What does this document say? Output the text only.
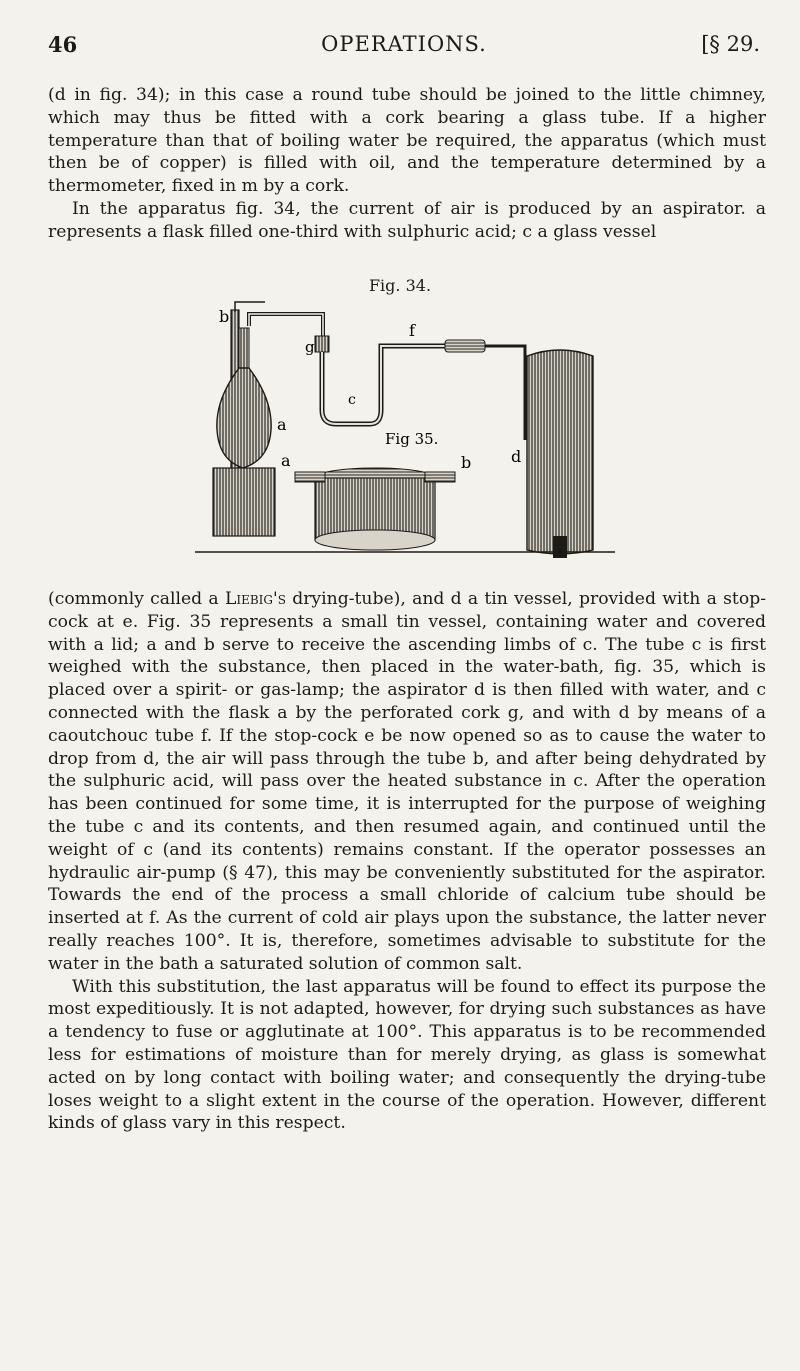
46	OPERATIONS.	[§ 29.

(d in fig. 34); in this case a round tube should be joined to the little chimney, which may thus be fitted with a cork bearing a glass tube. If a higher temperature than that of boiling water be required, the apparatus (which must then be of copper) is filled with oil, and the temperature determined by a thermometer, fixed in m by a cork.

In the apparatus fig. 34, the current of air is produced by an aspirator. a represents a flask filled one-third with sulphuric acid; c a glass vessel

Fig. 34.
b
g
f
c
a
Fig 35.
a	b d

(commonly called a Liebig's drying-tube), and d a tin vessel, provided with a stop-cock at e. Fig. 35 represents a small tin vessel, containing water and covered with a lid; a and b serve to receive the ascending limbs of c. The tube c is first weighed with the substance, then placed in the water-bath, fig. 35, which is placed over a spirit- or gas-lamp; the aspirator d is then filled with water, and c connected with the flask a by the perforated cork g, and with d by means of a caoutchouc tube f. If the stop-cock e be now opened so as to cause the water to drop from d, the air will pass through the tube b, and after being dehydrated by the sulphuric acid, will pass over the heated substance in c. After the operation has been continued for some time, it is interrupted for the purpose of weighing the tube c and its contents, and then resumed again, and continued until the weight of c (and its contents) remains constant. If the operator possesses an hydraulic air-pump (§ 47), this may be conveniently substituted for the aspirator. Towards the end of the process a small chloride of calcium tube should be inserted at f. As the current of cold air plays upon the substance, the latter never really reaches 100°. It is, therefore, sometimes advisable to substitute for the water in the bath a saturated solution of common salt.

With this substitution, the last apparatus will be found to effect its purpose the most expeditiously. It is not adapted, however, for drying such substances as have a tendency to fuse or agglutinate at 100°. This apparatus is to be recommended less for estimations of moisture than for merely drying, as glass is somewhat acted on by long contact with boiling water; and consequently the drying-tube loses weight to a slight extent in the course of the operation. However, different kinds of glass vary in this respect.
